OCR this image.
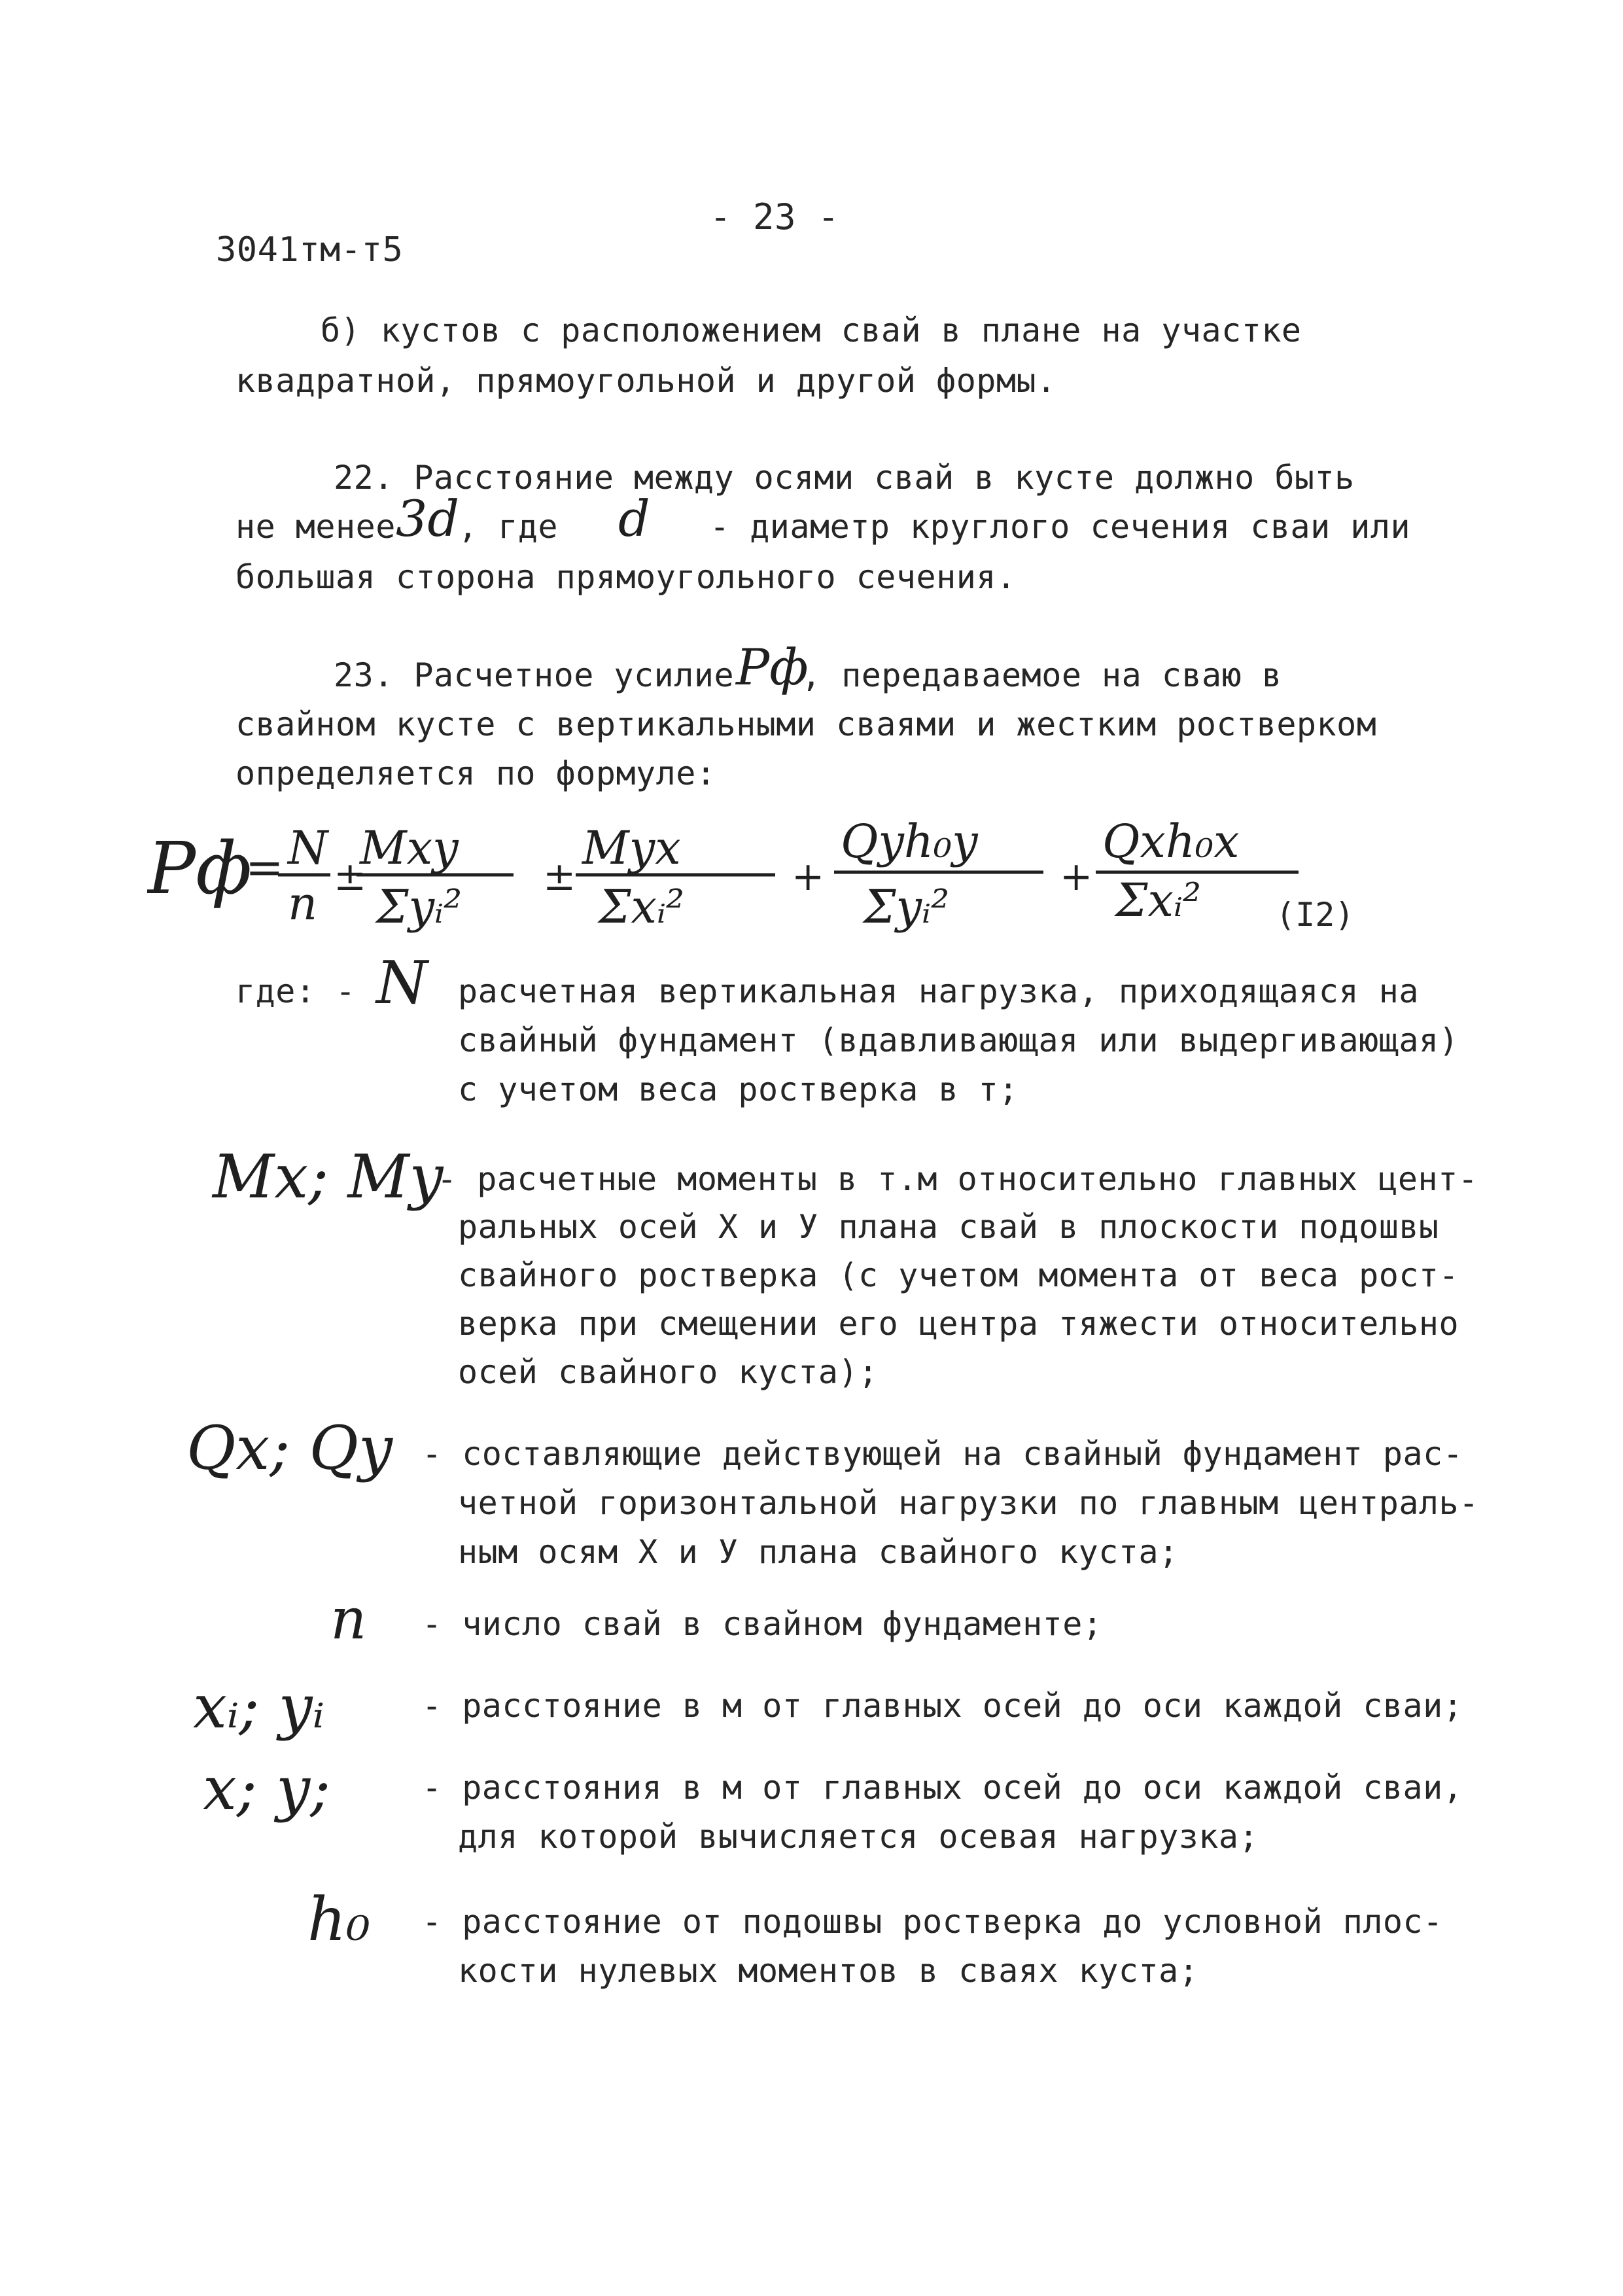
- 23 -
3041тм-т5
б) кустов с расположением свай в плане на участке
квадратной, прямоугольной и другой формы.
22. Расстояние между осями свай в кусте должно быть
не менее 3d
, где d - диаметр круглого сечения сваи или
большая сторона прямоугольного сечения.
23. Расчетное усилие Pф
, передаваемое на сваю в
свайном кусте с вертикальными сваями и жестким ростверком
определяется по формуле:
Pф
= N
n ±
Mxy
Σyᵢ²
±
Myx
Σxᵢ²
+
Qyh₀y
Σyᵢ²
+
Qxh₀x
Σxᵢ² (I2)
где: - N расчетная вертикальная нагрузка, приходящаяся на
свайный фундамент (вдавливающая или выдергивающая)
с учетом веса ростверка в т;
Mx; My
- расчетные моменты в т.м относительно главных цент-
ральных осей Х и У плана свай в плоскости подошвы
свайного ростверка (с учетом момента от веса рост-
верка при смещении его центра тяжести относительно
осей свайного куста);
Qx; Qy - составляющие действующей на свайный фундамент рас-
четной горизонтальной нагрузки по главным централь-
ным осям Х и У плана свайного куста;
n - число свай в свайном фундаменте;
xᵢ; yᵢ	- расстояние в м от главных осей до оси каждой сваи;
x; y;	- расстояния в м от главных осей до оси каждой сваи,
для которой вычисляется осевая нагрузка;
h₀ - расстояние от подошвы ростверка до условной плос-
кости нулевых моментов в сваях куста;
